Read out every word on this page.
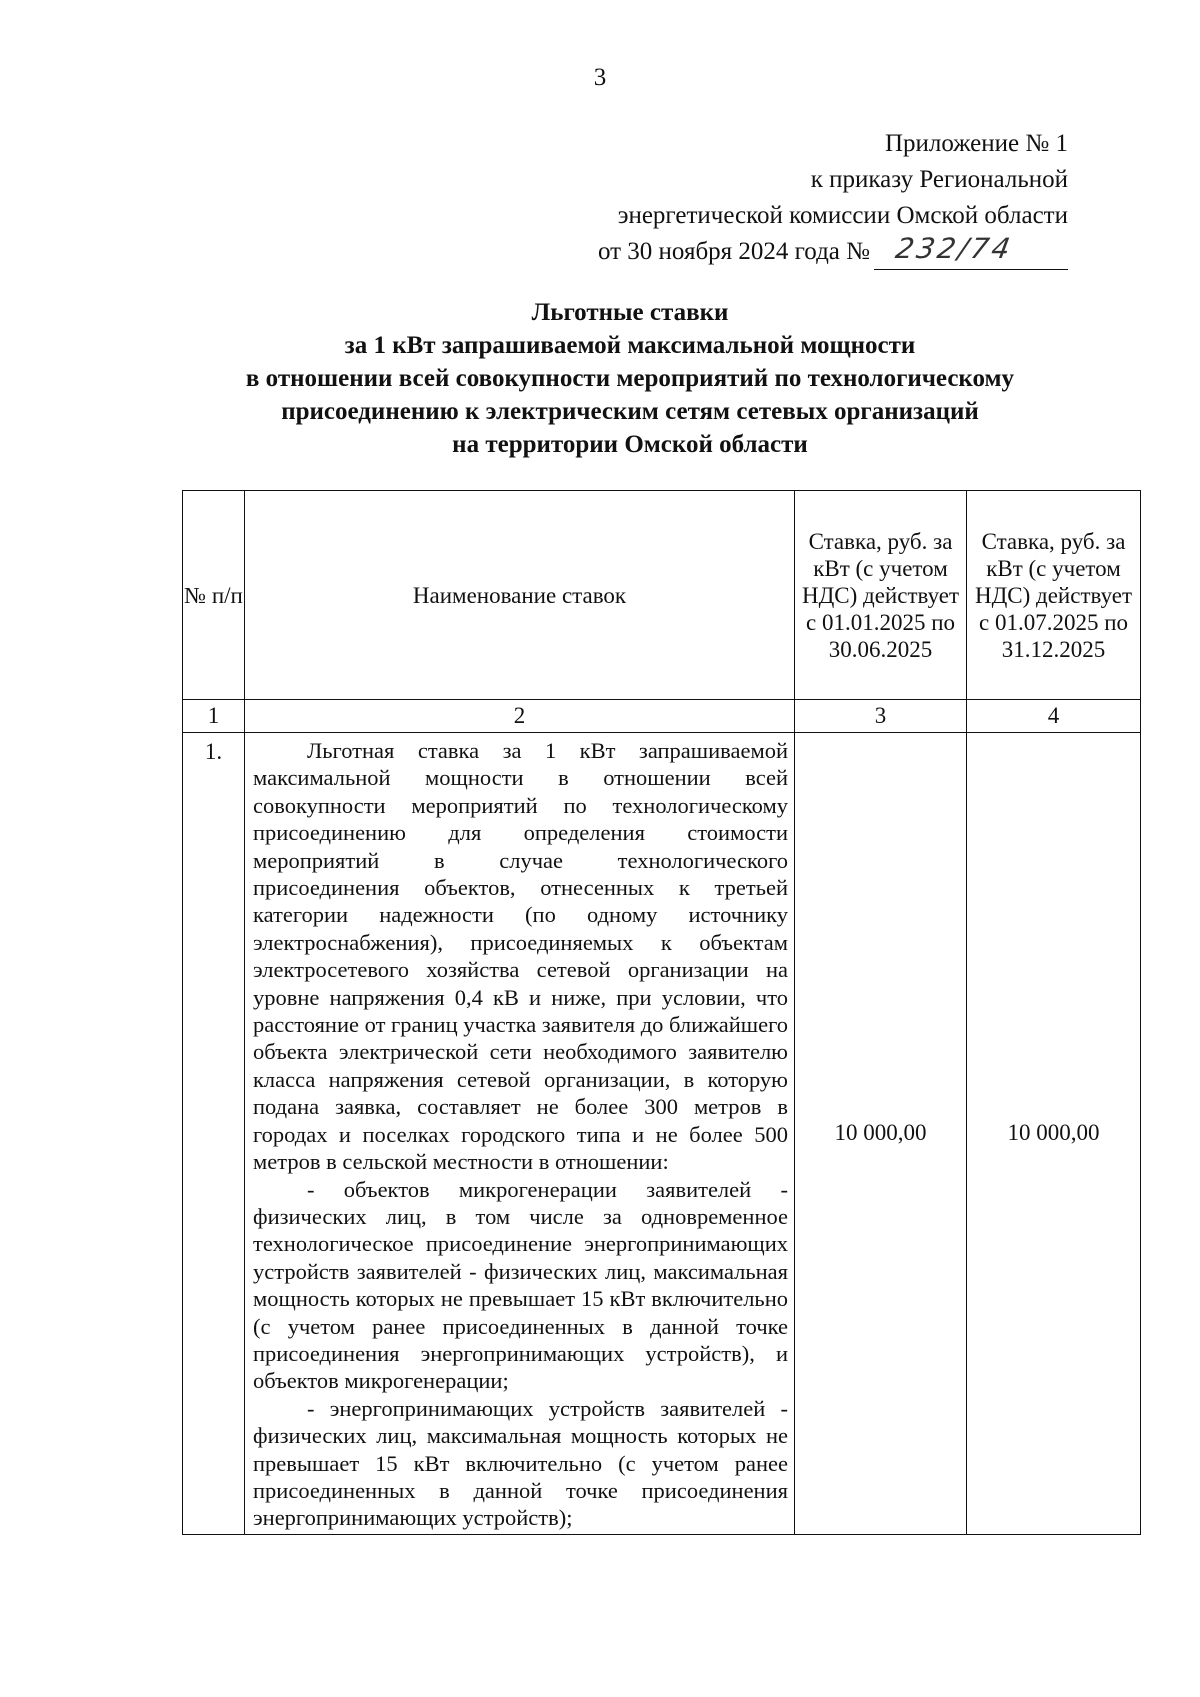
3
Приложение № 1
к приказу Региональной
энергетической комиссии Омской области
от 30 ноября 2024 года № 232/74
Льготные ставки
за 1 кВт запрашиваемой максимальной мощности
в отношении всей совокупности мероприятий по технологическому
присоединению к электрическим сетям сетевых организаций
на территории Омской области
№ п/п	Наименование ставок	Ставка, руб. за кВт (с учетом НДС) действует с 01.01.2025 по 30.06.2025	Ставка, руб. за кВт (с учетом НДС) действует с 01.07.2025 по 31.12.2025
1	2	3	4
1.	Льготная ставка за 1 кВт запрашиваемой максимальной мощности в отношении всей совокупности мероприятий по технологическому присоединению для определения стоимости мероприятий в случае технологического присоединения объектов, отнесенных к третьей категории надежности (по одному источнику электроснабжения), присоединяемых к объектам электросетевого хозяйства сетевой организации на уровне напряжения 0,4 кВ и ниже, при условии, что расстояние от границ участка заявителя до ближайшего объекта электрической сети необходимого заявителю класса напряжения сетевой организации, в которую подана заявка, составляет не более 300 метров в городах и поселках городского типа и не более 500 метров в сельской местности в отношении:

- объектов микрогенерации заявителей - физических лиц, в том числе за одновременное технологическое присоединение энергопринимающих устройств заявителей - физических лиц, максимальная мощность которых не превышает 15 кВт включительно (с учетом ранее присоединенных в данной точке присоединения энергопринимающих устройств), и объектов микрогенерации;

- энергопринимающих устройств заявителей - физических лиц, максимальная мощность которых не превышает 15 кВт включительно (с учетом ранее присоединенных в данной точке присоединения энергопринимающих устройств);	10 000,00	10 000,00
